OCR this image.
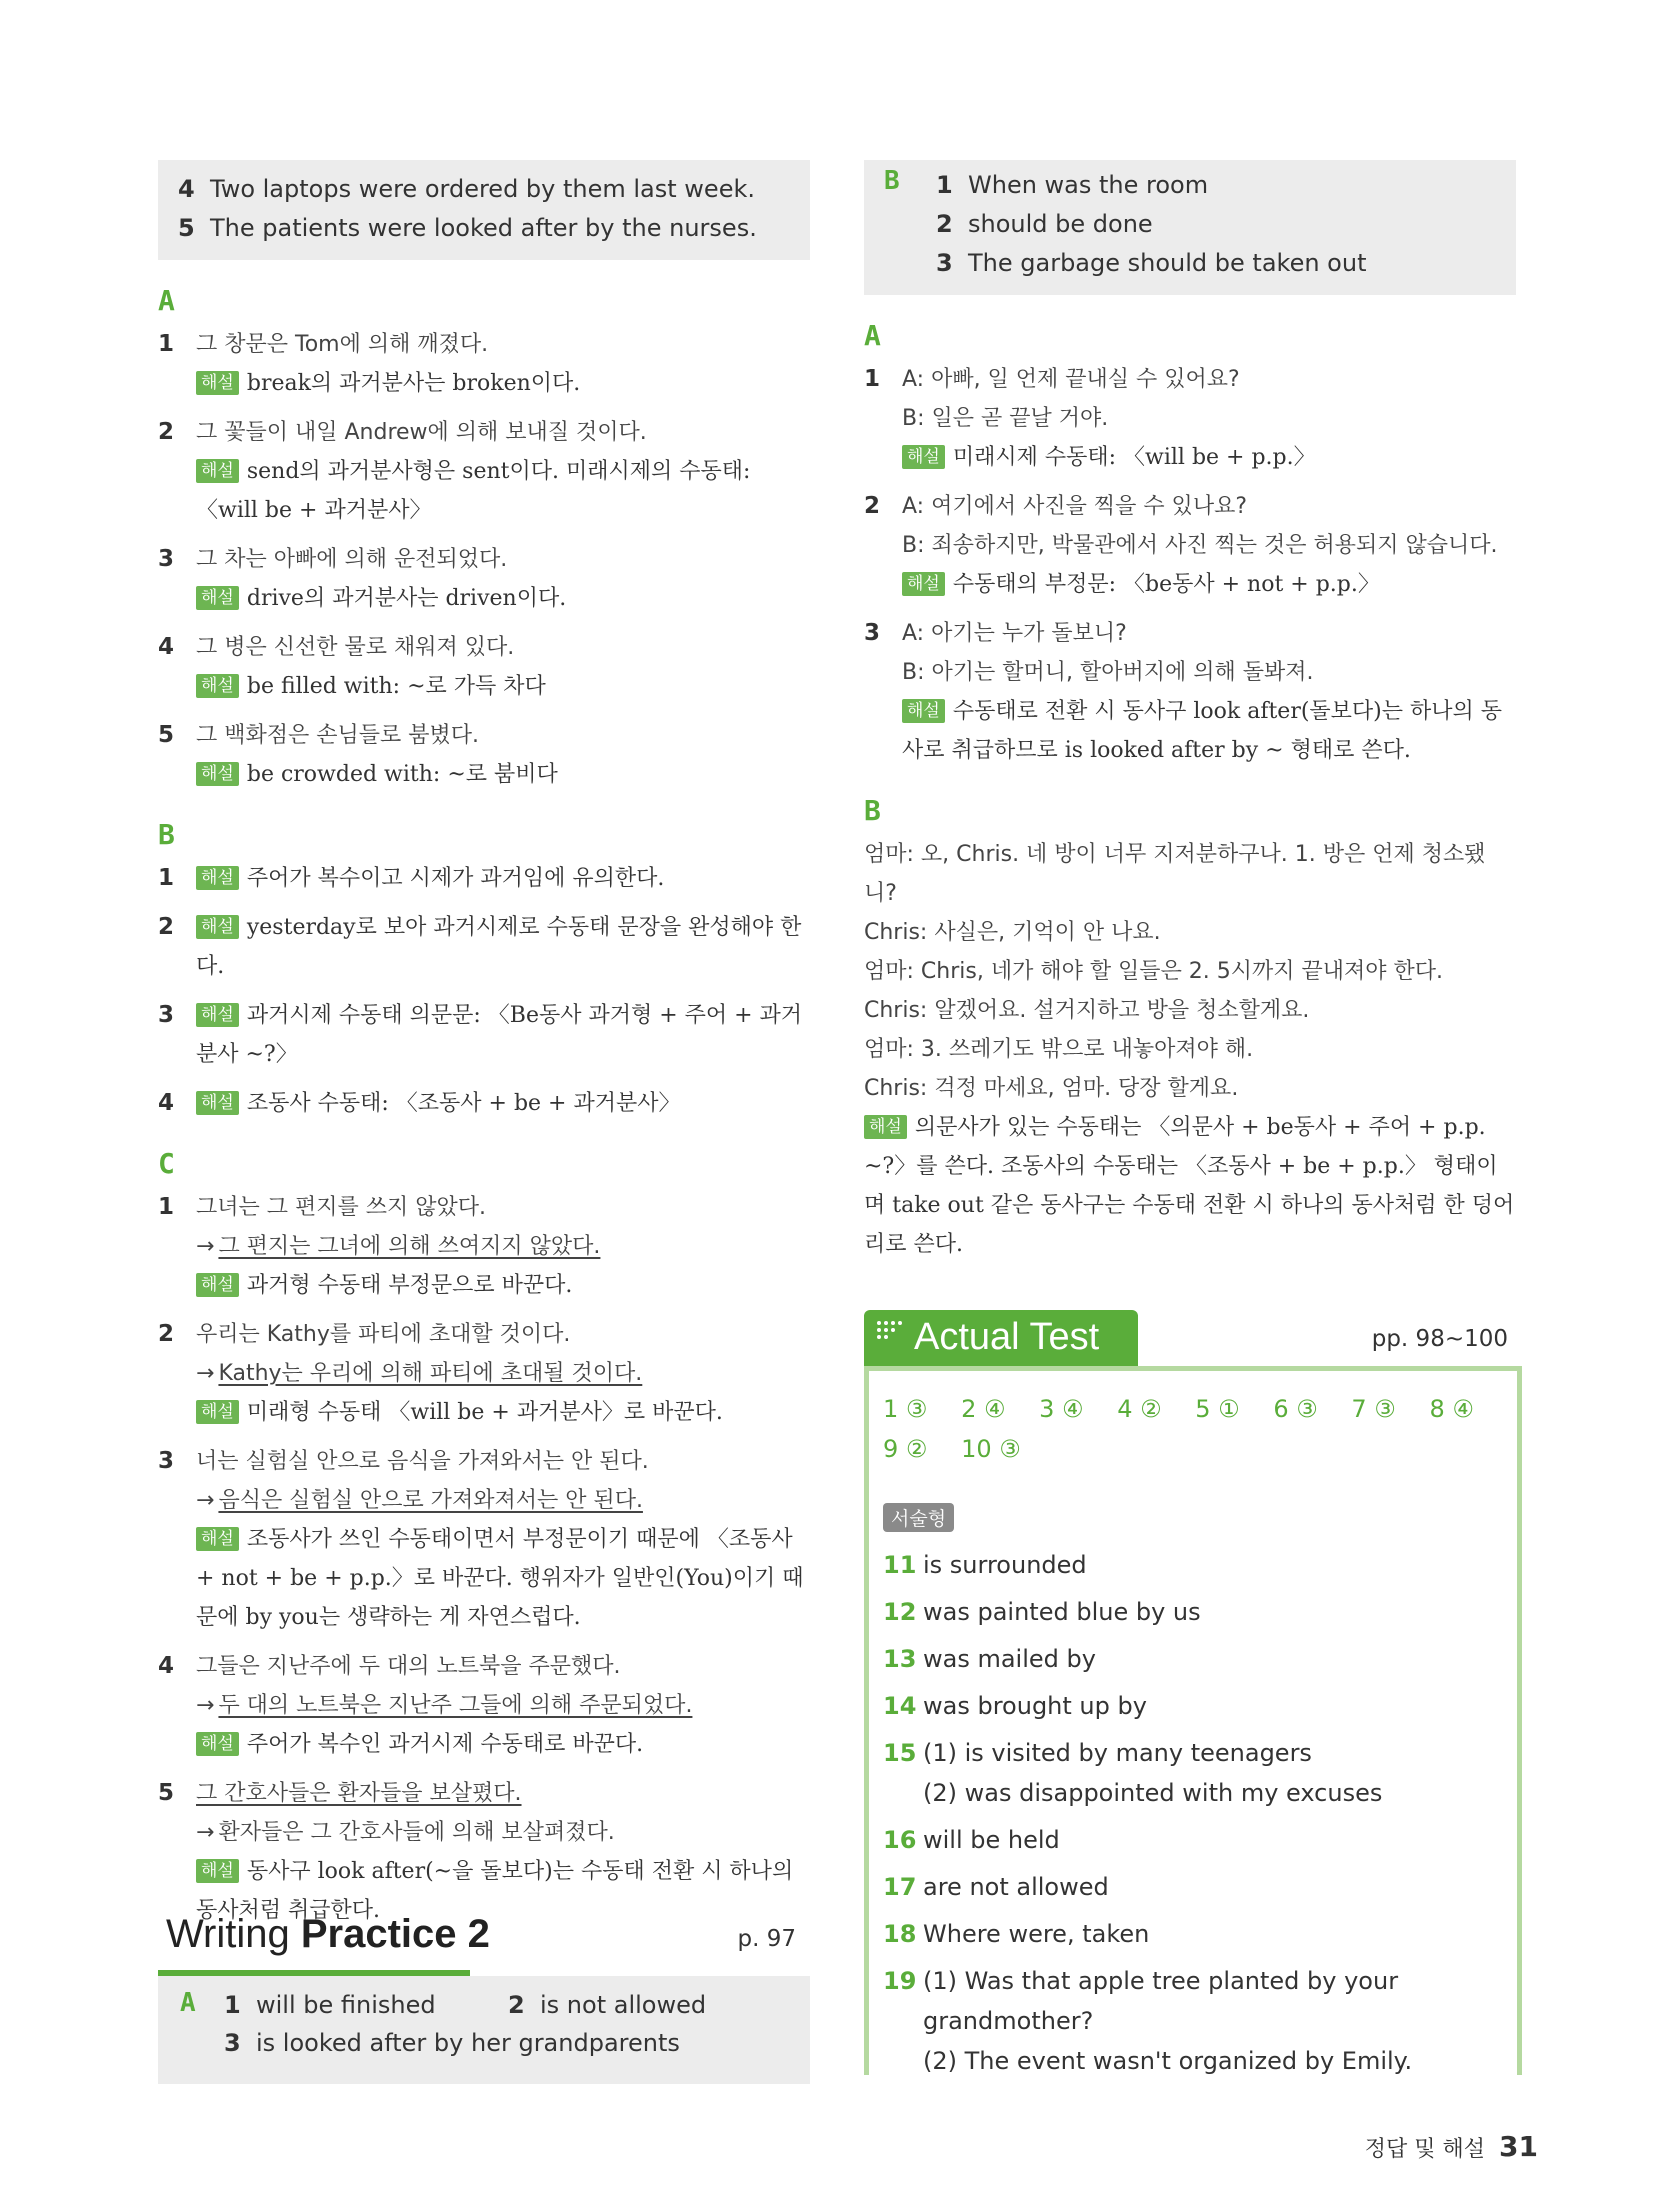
4 Two laptops were ordered by them last week.
5 The patients were looked after by the nurses.
A
1 그 창문은 Tom에 의해 깨졌다.
해설 break의 과거분사는 broken이다.
2 그 꽃들이 내일 Andrew에 의해 보내질 것이다.
해설 send의 과거분사형은 sent이다. 미래시제의 수동태: 〈will be + 과거분사〉
3 그 차는 아빠에 의해 운전되었다.
해설 drive의 과거분사는 driven이다.
4 그 병은 신선한 물로 채워져 있다.
해설 be filled with: ~로 가득 차다
5 그 백화점은 손님들로 붐볐다.
해설 be crowded with: ~로 붐비다
B
1 해설 주어가 복수이고 시제가 과거임에 유의한다.
2 해설 yesterday로 보아 과거시제로 수동태 문장을 완성해야 한다.
3 해설 과거시제 수동태 의문문: 〈Be동사 과거형 + 주어 + 과거분사 ~?〉
4 해설 조동사 수동태: 〈조동사 + be + 과거분사〉
C
1 그녀는 그 편지를 쓰지 않았다.
→ 그 편지는 그녀에 의해 쓰여지지 않았다.
해설 과거형 수동태 부정문으로 바꾼다.
2 우리는 Kathy를 파티에 초대할 것이다.
→ Kathy는 우리에 의해 파티에 초대될 것이다.
해설 미래형 수동태 〈will be + 과거분사〉로 바꾼다.
3 너는 실험실 안으로 음식을 가져와서는 안 된다.
→ 음식은 실험실 안으로 가져와져서는 안 된다.
해설 조동사가 쓰인 수동태이면서 부정문이기 때문에 〈조동사 + not + be + p.p.〉로 바꾼다. 행위자가 일반인(You)이기 때문에 by you는 생략하는 게 자연스럽다.
4 그들은 지난주에 두 대의 노트북을 주문했다.
→ 두 대의 노트북은 지난주 그들에 의해 주문되었다.
해설 주어가 복수인 과거시제 수동태로 바꾼다.
5 그 간호사들은 환자들을 보살폈다.
→ 환자들은 그 간호사들에 의해 보살펴졌다.
해설 동사구 look after(~을 돌보다)는 수동태 전환 시 하나의 동사처럼 취급한다.
Writing Practice 2	p. 97
A 1 will be finished	2 is not allowed
3 is looked after by her grandparents
B	1 When was the room
2 should be done
3 The garbage should be taken out
A
1 A: 아빠, 일 언제 끝내실 수 있어요?
B: 일은 곧 끝날 거야.
해설 미래시제 수동태: 〈will be + p.p.〉
2 A: 여기에서 사진을 찍을 수 있나요?
B: 죄송하지만, 박물관에서 사진 찍는 것은 허용되지 않습니다.
해설 수동태의 부정문: 〈be동사 + not + p.p.〉
3 A: 아기는 누가 돌보니?
B: 아기는 할머니, 할아버지에 의해 돌봐져.
해설 수동태로 전환 시 동사구 look after(돌보다)는 하나의 동사로 취급하므로 is looked after by ~ 형태로 쓴다.
B
엄마: 오, Chris. 네 방이 너무 지저분하구나. 1. 방은 언제 청소됐니?
Chris: 사실은, 기억이 안 나요.
엄마: Chris, 네가 해야 할 일들은 2. 5시까지 끝내져야 한다.
Chris: 알겠어요. 설거지하고 방을 청소할게요.
엄마: 3. 쓰레기도 밖으로 내놓아져야 해.
Chris: 걱정 마세요, 엄마. 당장 할게요.
해설 의문사가 있는 수동태는 〈의문사 + be동사 + 주어 + p.p. ~?〉를 쓴다. 조동사의 수동태는 〈조동사 + be + p.p.〉 형태이며 take out 같은 동사구는 수동태 전환 시 하나의 동사처럼 한 덩어리로 쓴다.
Actual Test	pp. 98~100
1 ③ 2 ④ 3 ④ 4 ② 5 ① 6 ③ 7 ③ 8 ④
9 ② 10 ③
서술형
11 is surrounded
12 was painted blue by us
13 was mailed by
14 was brought up by
15 (1) is visited by many teenagers
(2) was disappointed with my excuses
16 will be held
17 are not allowed
18 Where were, taken
19 (1) Was that apple tree planted by your grandmother?
(2) The event wasn't organized by Emily.
정답 및 해설 31
